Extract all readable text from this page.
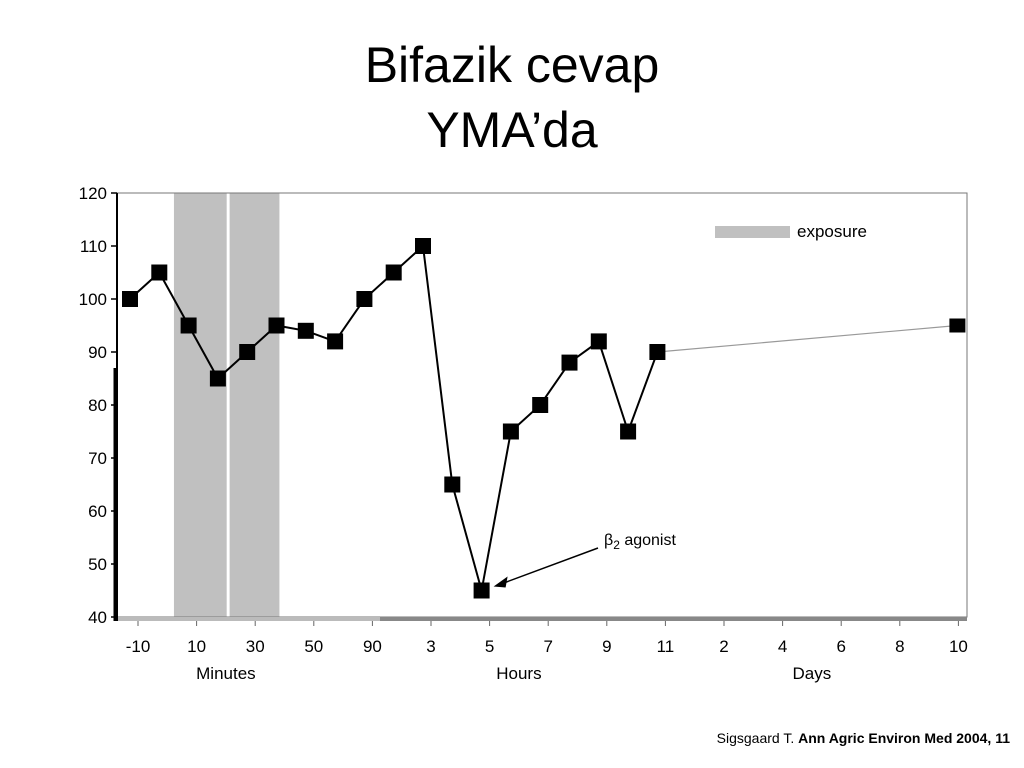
Bifazik cevap
YMA’da
40
50
60
70
80
90
100
110
120
-10 10 30 50 90	3	5	7	9	11	2	4	6	8	10
Minutes	Hours	Days
exposure
$\beta_2$ agonist
Sigsgaard T. Ann Agric Environ Med 2004, 11
